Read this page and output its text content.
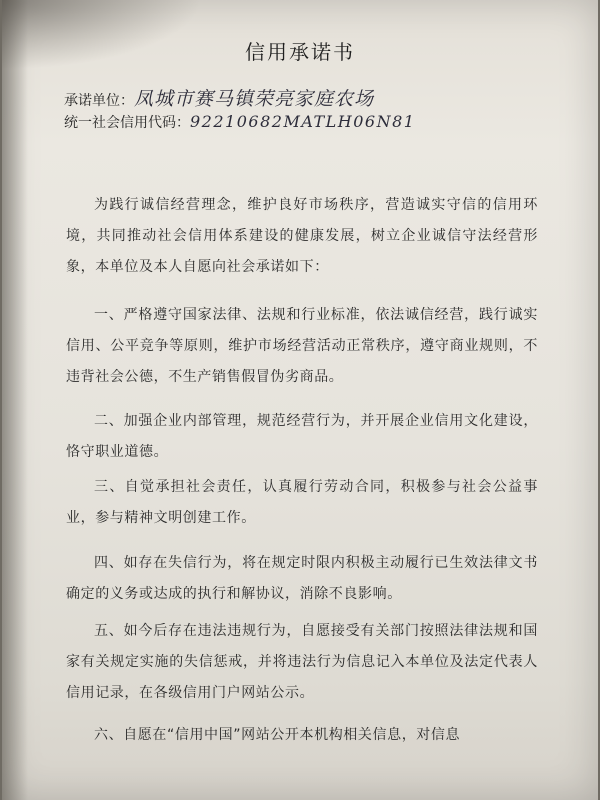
信用承诺书
承诺单位：凤城市赛马镇荣亮家庭农场
统一社会信用代码：92210682MATLH06N81

为践行诚信经营理念，维护良好市场秩序，营造诚实守信的信用环境，共同推动社会信用体系建设的健康发展，树立企业诚信守法经营形象，本单位及本人自愿向社会承诺如下：

一、严格遵守国家法律、法规和行业标准，依法诚信经营，践行诚实信用、公平竞争等原则，维护市场经营活动正常秩序，遵守商业规则，不违背社会公德，不生产销售假冒伪劣商品。

二、加强企业内部管理，规范经营行为，并开展企业信用文化建设，恪守职业道德。

三、自觉承担社会责任，认真履行劳动合同，积极参与社会公益事业，参与精神文明创建工作。

四、如存在失信行为，将在规定时限内积极主动履行已生效法律文书确定的义务或达成的执行和解协议，消除不良影响。

五、如今后存在违法违规行为，自愿接受有关部门按照法律法规和国家有关规定实施的失信惩戒，并将违法行为信息记入本单位及法定代表人信用记录，在各级信用门户网站公示。

六、自愿在“信用中国”网站公开本机构相关信息，对信息
